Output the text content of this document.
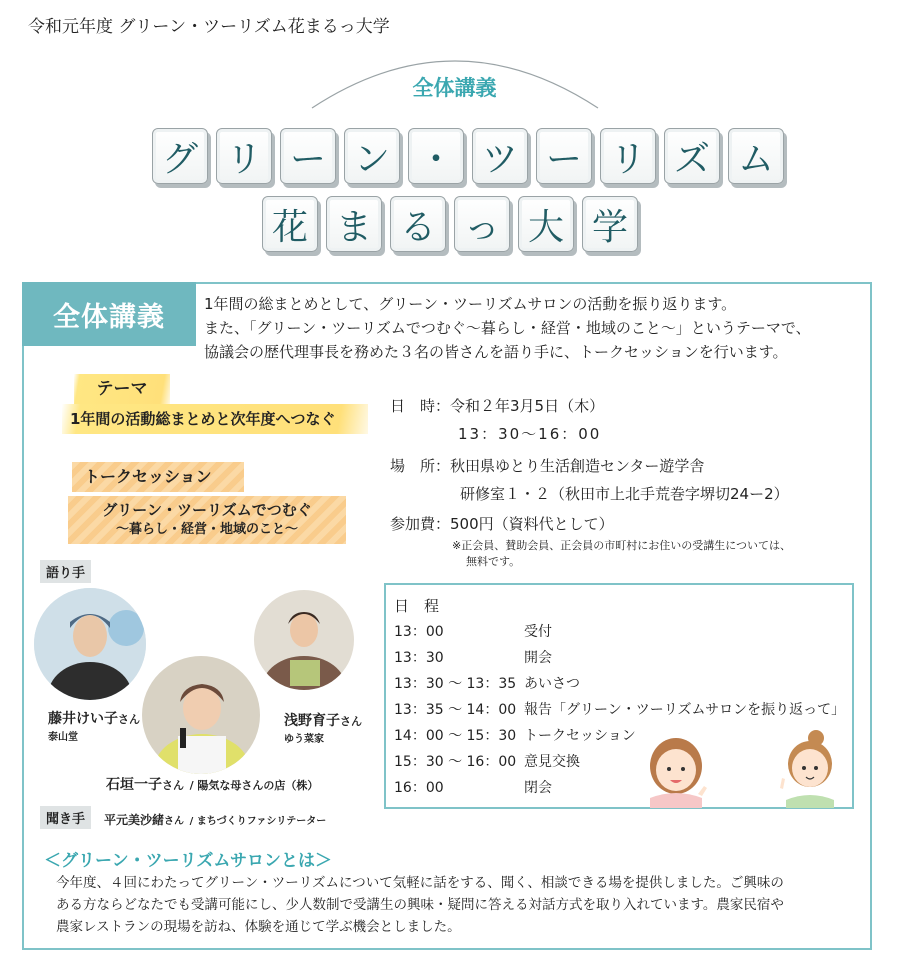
令和元年度 グリーン・ツーリズム花まるっ大学
全体講義
グ リ ー ン ・ ツ ー リ ズ ム
花 ま る っ 大 学
全体講義	1年間の総まとめとして、グリーン・ツーリズムサロンの活動を振り返ります。
また、「グリーン・ツーリズムでつむぐ〜暮らし・経営・地域のこと〜」というテーマで、
協議会の歴代理事長を務めた３名の皆さんを語り手に、トークセッションを行います。
テーマ
1年間の活動総まとめと次年度へつなぐ
トークセッション
グリーン・ツーリズムでつむぐ
〜暮らし・経営・地域のこと〜
日　時：令和２年3月5日（木）
13：30〜16：00
場　所：秋田県ゆとり生活創造センター遊学舎
研修室１・２（秋田市上北手荒巻字堺切24ー2）
参加費：500円（資料代として）
※正会員、賛助会員、正会員の市町村にお住いの受講生については、
無料です。
語り手
藤井けい子さん
泰山堂
浅野育子さん
ゆう菜家
石垣一子さん / 陽気な母さんの店（株）
聞き手	平元美沙緒さん / まちづくりファシリテーター
日　程
13：00	受付
13：30	開会
13：30 〜 13：35 あいさつ
13：35 〜 14：00 報告「グリーン・ツーリズムサロンを振り返って」
14：00 〜 15：30 トークセッション
15：30 〜 16：00 意見交換
16：00	閉会
＜グリーン・ツーリズムサロンとは＞
今年度、４回にわたってグリーン・ツーリズムについて気軽に話をする、聞く、相談できる場を提供しました。ご興味の
ある方ならどなたでも受講可能にし、少人数制で受講生の興味・疑問に答える対話方式を取り入れています。農家民宿や
農家レストランの現場を訪ね、体験を通じて学ぶ機会としました。
